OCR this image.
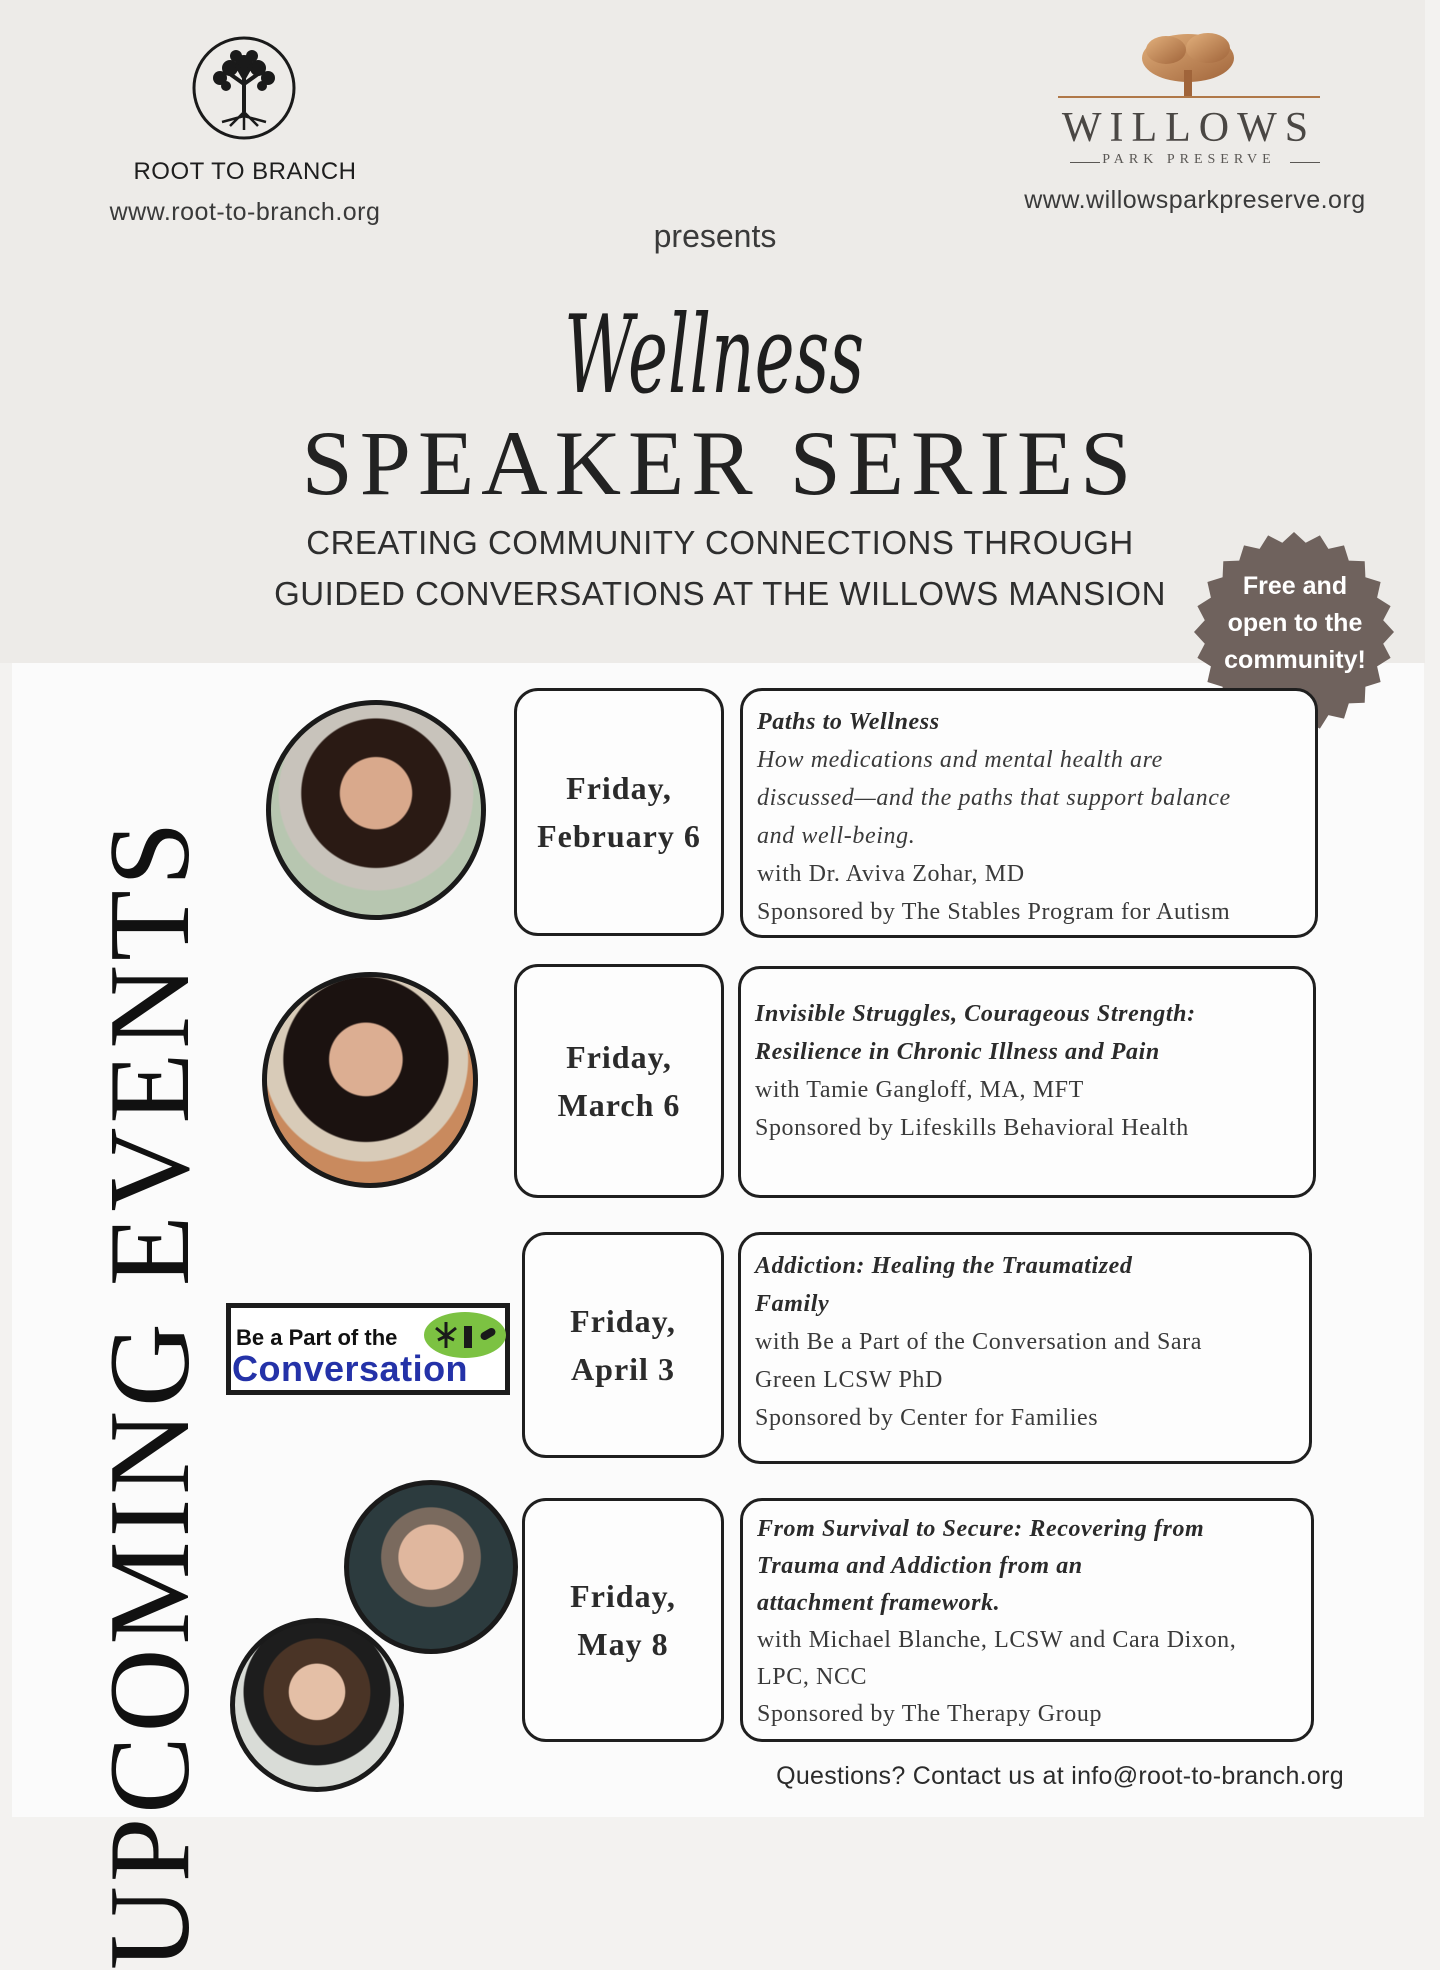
ROOT TO BRANCH
www.root-to-branch.org
WILLOWS
PARK PRESERVE
www.willowsparkpreserve.org
presents
Wellness
SPEAKER SERIES
CREATING COMMUNITY CONNECTIONS THROUGH
GUIDED CONVERSATIONS AT THE WILLOWS MANSION	Free and
open to the
community!
UPCOMING EVENTS	Be a Part of the
Conversation
Friday,
February 6
Paths to Wellness
How medications and mental health are
discussed—and the paths that support balance
and well-being.
with Dr. Aviva Zohar, MD
Sponsored by The Stables Program for Autism
Friday,
March 6
Invisible Struggles, Courageous Strength:
Resilience in Chronic Illness and Pain
with Tamie Gangloff, MA, MFT
Sponsored by Lifeskills Behavioral Health
Friday,
April 3
Addiction: Healing the Traumatized
Family
with Be a Part of the Conversation and Sara
Green LCSW PhD
Sponsored by Center for Families
Friday,
May 8
From Survival to Secure: Recovering from
Trauma and Addiction from an
attachment framework.
with Michael Blanche, LCSW and Cara Dixon,
LPC, NCC
Sponsored by The Therapy Group
Questions? Contact us at info@root-to-branch.org
